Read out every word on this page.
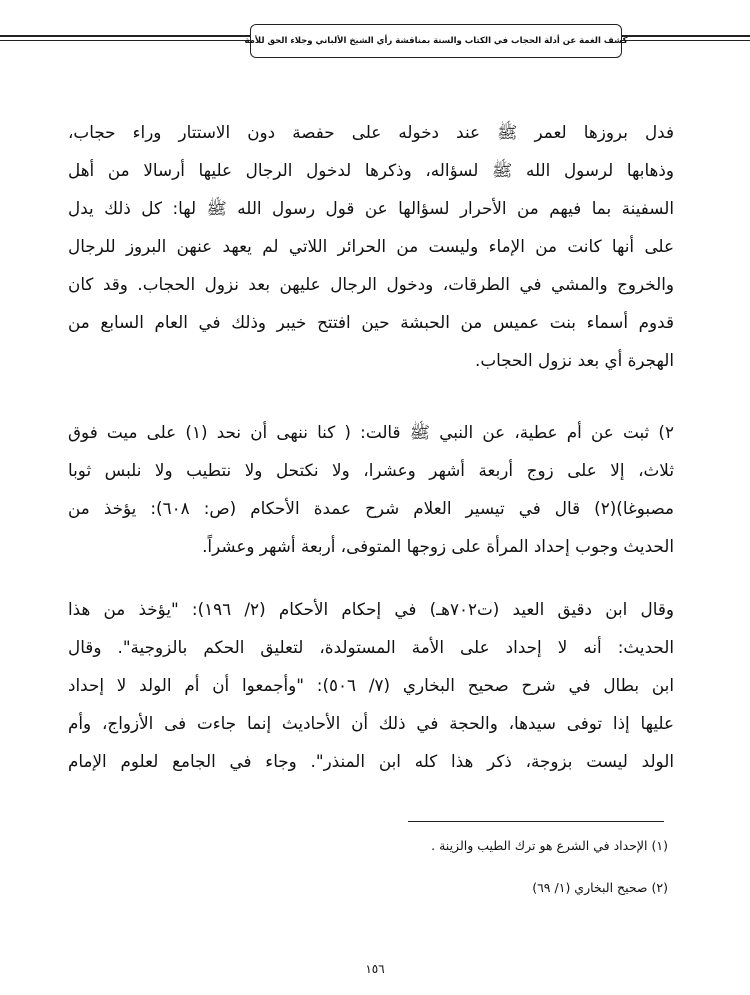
كشف الغمة عن أدلة الحجاب في الكتاب والسنة بمناقشة رأي الشيخ الألباني وجلاء الحق للأمة
فدل بروزها لعمر ﷺ عند دخوله على حفصة دون الاستتار وراء حجاب،
وذهابها لرسول الله ﷺ لسؤاله، وذكرها لدخول الرجال عليها أرسالا من أهل
السفينة بما فيهم من الأحرار لسؤالها عن قول رسول الله ﷺ لها: كل ذلك يدل
على أنها كانت من الإماء وليست من الحرائر اللاتي لم يعهد عنهن البروز للرجال
والخروج والمشي في الطرقات، ودخول الرجال عليهن بعد نزول الحجاب. وقد كان
قدوم أسماء بنت عميس من الحبشة حين افتتح خيبر وذلك في العام السابع من
الهجرة أي بعد نزول الحجاب.
٢) ثبت عن أم عطية، عن النبي ﷺ قالت: ( كنا ننهى أن نحد (١) على ميت فوق
ثلاث، إلا على زوج أربعة أشهر وعشرا، ولا نكتحل ولا نتطيب ولا نلبس ثوبا
مصبوغا)(٢) قال في تيسير العلام شرح عمدة الأحكام (ص: ٦٠٨): يؤخذ من
الحديث وجوب إحداد المرأة على زوجها المتوفى، أربعة أشهر وعشراً.
وقال ابن دقيق العيد (ت٧٠٢هـ) في إحكام الأحكام (٢/ ١٩٦): "يؤخذ من هذا
الحديث: أنه لا إحداد على الأمة المستولدة، لتعليق الحكم بالزوجية". وقال
ابن بطال في شرح صحيح البخاري (٧/ ٥٠٦): "وأجمعوا أن أم الولد لا إحداد
عليها إذا توفى سيدها، والحجة في ذلك أن الأحاديث إنما جاءت فى الأزواج، وأم
الولد ليست بزوجة، ذكر هذا كله ابن المنذر". وجاء في الجامع لعلوم الإمام
(١) الإحداد في الشرع هو ترك الطيب والزينة .
(٢) صحيح البخاري (١/ ٦٩)
١٥٦
